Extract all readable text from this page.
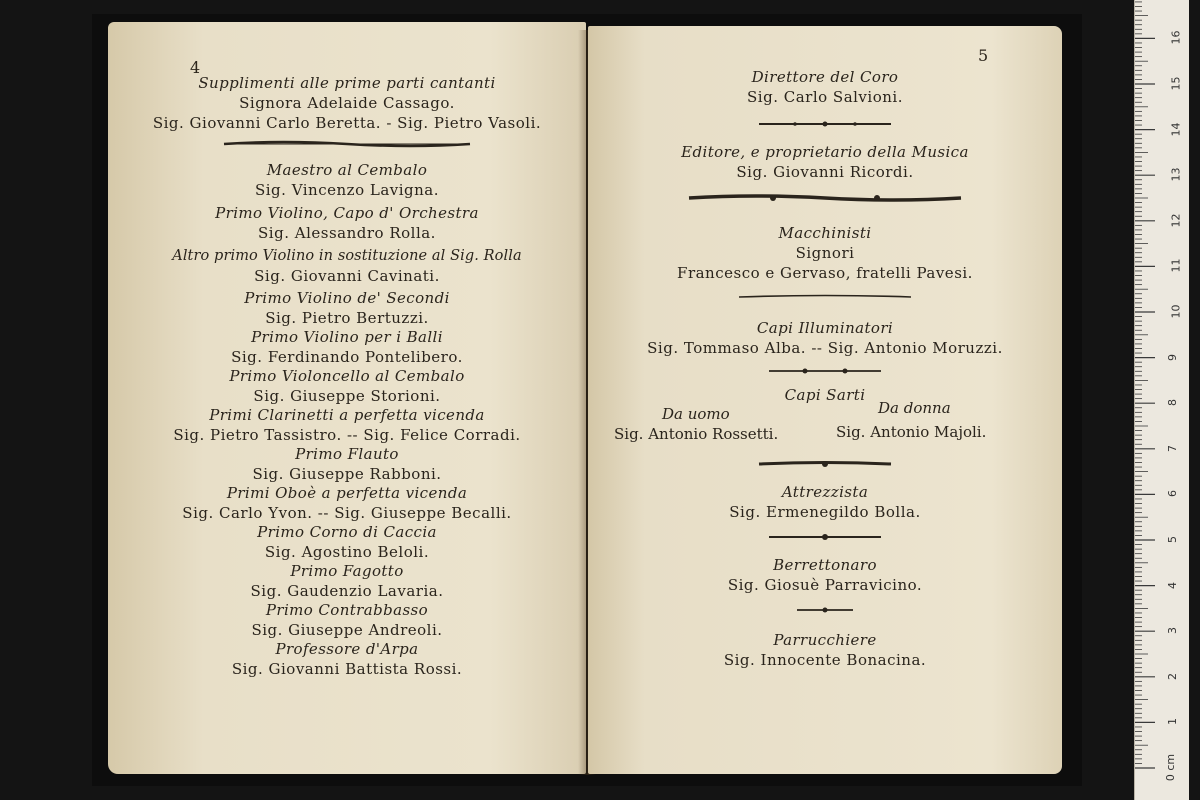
4
Supplimenti alle prime parti cantanti
Signora Adelaide Cassago.
Sig. Giovanni Carlo Beretta. - Sig. Pietro Vasoli.
Maestro al Cembalo
Sig. Vincenzo Lavigna.
Primo Violino, Capo d' Orchestra
Sig. Alessandro Rolla.
Altro primo Violino in sostituzione al Sig. Rolla
Sig. Giovanni Cavinati.
Primo Violino de' Secondi
Sig. Pietro Bertuzzi.
Primo Violino per i Balli
Sig. Ferdinando Pontelibero.
Primo Violoncello al Cembalo
Sig. Giuseppe Storioni.
Primi Clarinetti a perfetta vicenda
Sig. Pietro Tassistro. -- Sig. Felice Corradi.
Primo Flauto
Sig. Giuseppe Rabboni.
Primi Oboè a perfetta vicenda
Sig. Carlo Yvon. -- Sig. Giuseppe Becalli.
Primo Corno di Caccia
Sig. Agostino Beloli.
Primo Fagotto
Sig. Gaudenzio Lavaria.
Primo Contrabbasso
Sig. Giuseppe Andreoli.
Professore d'Arpa
Sig. Giovanni Battista Rossi.
5
Direttore del Coro
Sig. Carlo Salvioni.
Editore, e proprietario della Musica
Sig. Giovanni Ricordi.
Macchinisti
Signori
Francesco e Gervaso, fratelli Pavesi.
Capi Illuminatori
Sig. Tommaso Alba. -- Sig. Antonio Moruzzi.
Capi Sarti
Da uomo	Da donna
Sig. Antonio Rossetti.	Sig. Antonio Majoli.
Attrezzista
Sig. Ermenegildo Bolla.
Berrettonaro
Sig. Giosuè Parravicino.
Parrucchiere
Sig. Innocente Bonacina.
0 cm
1
2
3
4
5
6
7
8
9
10
11
12
13
14
15
16
